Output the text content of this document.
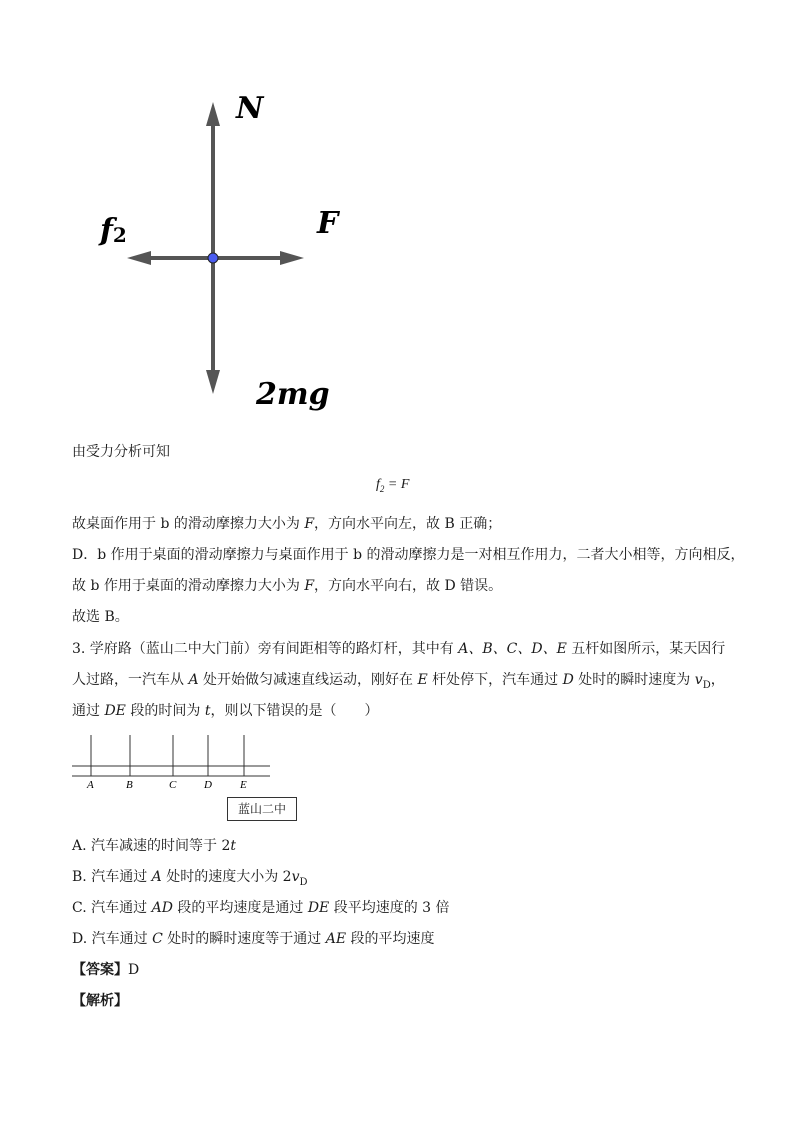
N
F
f2
2mg
由受力分析可知
$f_2 = F$
故桌面作用于 b 的滑动摩擦力大小为 F，方向水平向左，故 B 正确；
D．b 作用于桌面的滑动摩擦力与桌面作用于 b 的滑动摩擦力是一对相互作用力，二者大小相等，方向相反，
故 b 作用于桌面的滑动摩擦力大小为 F，方向水平向右，故 D 错误。
故选 B。
3. 学府路（蓝山二中大门前）旁有间距相等的路灯杆，其中有 A、B、C、D、E 五杆如图所示，某天因行
人过路，一汽车从 A 处开始做匀减速直线运动，刚好在 E 杆处停下，汽车通过 D 处时的瞬时速度为 $v_D$，
通过 DE 段的时间为 t，则以下错误的是（　　）
A	B	C	D	E
蓝山二中
A. 汽车减速的时间等于 2t
B. 汽车通过 A 处时的速度大小为 $2v_D$
C. 汽车通过 AD 段的平均速度是通过 DE 段平均速度的 3 倍
D. 汽车通过 C 处时的瞬时速度等于通过 AE 段的平均速度
【答案】D
【解析】
